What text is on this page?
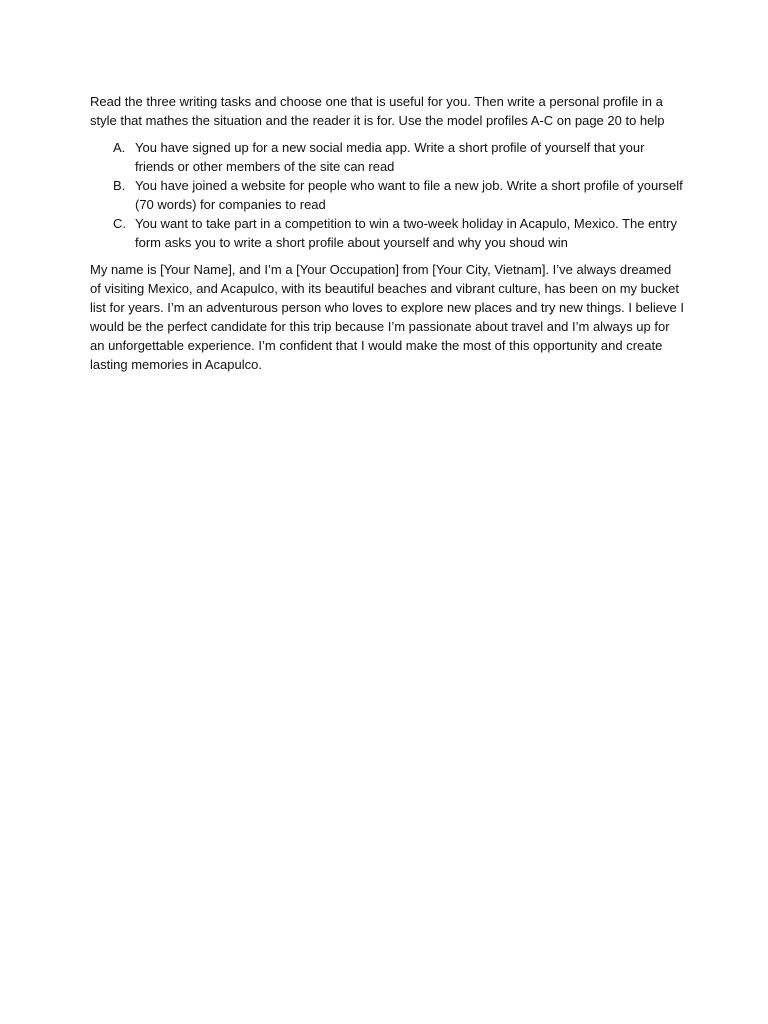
Read the three writing tasks and choose one that is useful for you. Then write a personal profile in a style that mathes the situation and the reader it is for. Use the model profiles A-C on page 20 to help

A. You have signed up for a new social media app. Write a short profile of yourself that your friends or other members of the site can read
B. You have joined a website for people who want to file a new job. Write a short profile of yourself (70 words) for companies to read
C. You want to take part in a competition to win a two-week holiday in Acapulo, Mexico. The entry form asks you to write a short profile about yourself and why you shoud win

My name is [Your Name], and I’m a [Your Occupation] from [Your City, Vietnam]. I’ve always dreamed of visiting Mexico, and Acapulco, with its beautiful beaches and vibrant culture, has been on my bucket list for years. I’m an adventurous person who loves to explore new places and try new things. I believe I would be the perfect candidate for this trip because I’m passionate about travel and I’m always up for an unforgettable experience. I’m confident that I would make the most of this opportunity and create lasting memories in Acapulco.
